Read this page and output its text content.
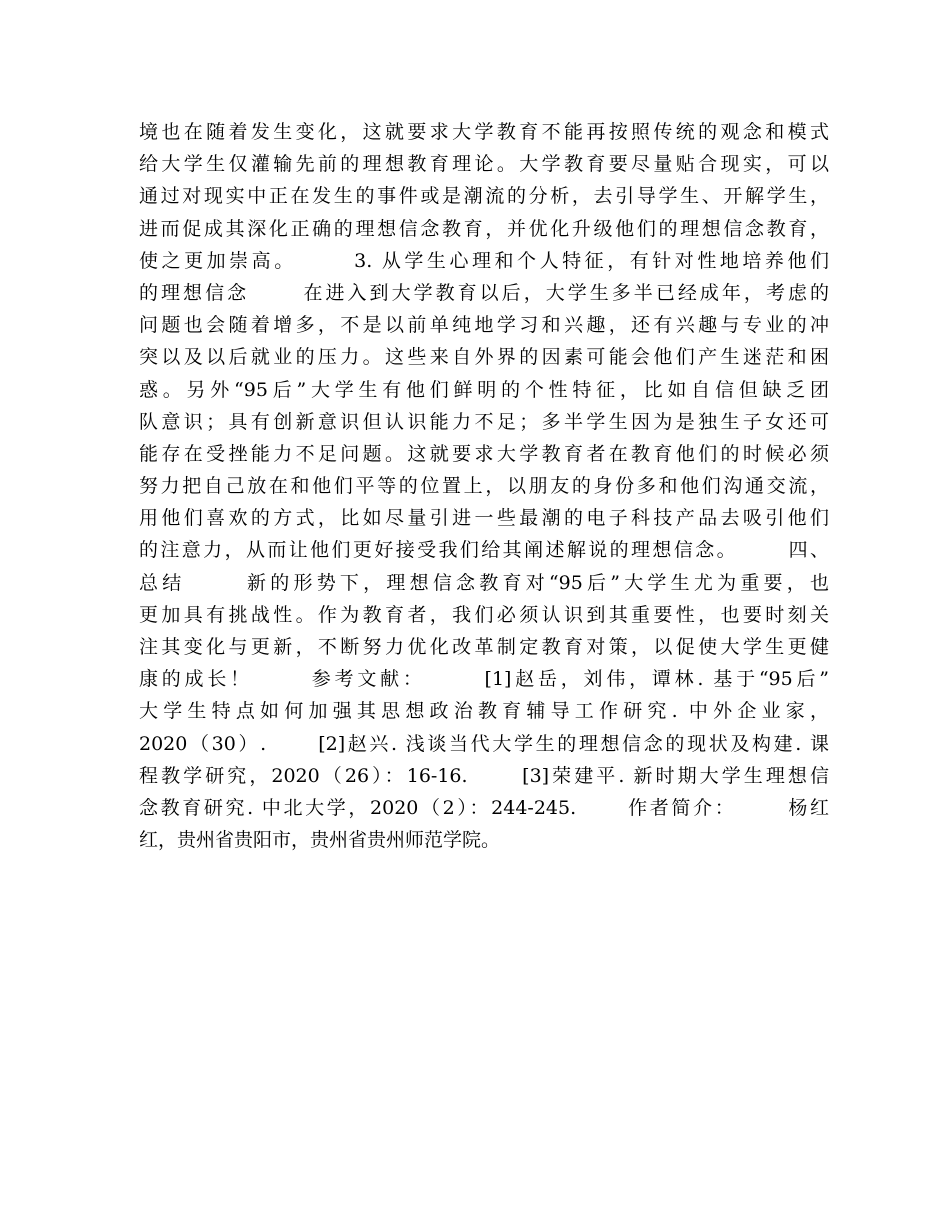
境也在随着发生变化，这就要求大学教育不能再按照传统的观念和模式
给大学生仅灌输先前的理想教育理论。大学教育要尽量贴合现实，可以
通过对现实中正在发生的事件或是潮流的分析，去引导学生、开解学生，
进而促成其深化正确的理想信念教育，并优化升级他们的理想信念教育，
使之更加崇高。      3. 从学生心理和个人特征，有针对性地培养他们
的理想信念      在进入到大学教育以后，大学生多半已经成年，考虑的
问题也会随着增多，不是以前单纯地学习和兴趣，还有兴趣与专业的冲
突以及以后就业的压力。这些来自外界的因素可能会他们产生迷茫和困
惑。另外“95后”大学生有他们鲜明的个性特征，比如自信但缺乏团
队意识；具有创新意识但认识能力不足；多半学生因为是独生子女还可
能存在受挫能力不足问题。这就要求大学教育者在教育他们的时候必须
努力把自己放在和他们平等的位置上，以朋友的身份多和他们沟通交流，
用他们喜欢的方式，比如尽量引进一些最潮的电子科技产品去吸引他们
的注意力，从而让他们更好接受我们给其阐述解说的理想信念。      四、
总结      新的形势下，理想信念教育对“95后”大学生尤为重要，也
更加具有挑战性。作为教育者，我们必须认识到其重要性，也要时刻关
注其变化与更新，不断努力优化改革制定教育对策，以促使大学生更健
康的成长！      参考文献：      [1]赵岳，刘伟，谭林. 基于“95后”
大学生特点如何加强其思想政治教育辅导工作研究. 中外企业家，
2020（30）.      [2]赵兴. 浅谈当代大学生的理想信念的现状及构建. 课
程教学研究，2020（26）：16-16.      [3]荣建平. 新时期大学生理想信
念教育研究. 中北大学，2020（2）：244-245.      作者简介：      杨红
红，贵州省贵阳市，贵州省贵州师范学院。
